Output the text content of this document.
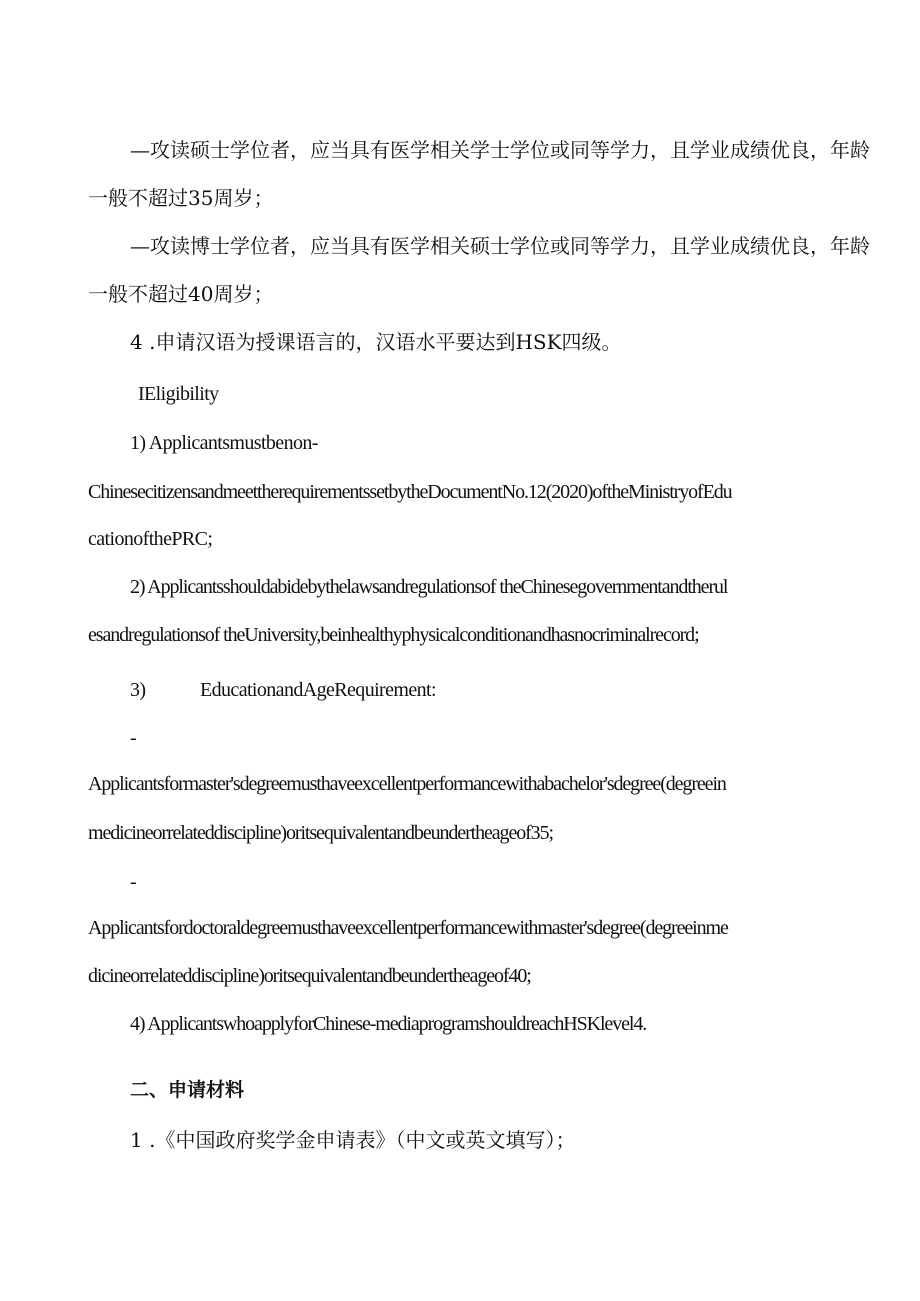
—攻读硕士学位者，应当具有医学相关学士学位或同等学力，且学业成绩优良，年龄
一般不超过35周岁；
—攻读博士学位者，应当具有医学相关硕士学位或同等学力，且学业成绩优良，年龄
一般不超过40周岁；
4 .申请汉语为授课语言的，汉语水平要达到HSK四级。
IEligibility
1) Applicantsmustbenon-
ChinesecitizensandmeettherequirementssetbytheDocumentNo.12(2020)oftheMinistryofEdu
cationofthePRC;
2) Applicantsshouldabidebythelawsandregulationsof theChinesegovernmentandtherul
esandregulationsof theUniversity,beinhealthyphysicalconditionandhasnocriminalrecord;
3)	EducationandAgeRequirement:
-
Applicantsformaster'sdegreemusthaveexcellentperformancewithabachelor'sdegree(degreein
medicineorrelateddiscipline)oritsequivalentandbeundertheageof35;
-
Applicantsfordoctoraldegreemusthaveexcellentperformancewithmaster'sdegree(degreeinme
dicineorrelateddiscipline)oritsequivalentandbeundertheageof40;
4) ApplicantswhoapplyforChinese-mediaprogramshouldreachHSKlevel4.
二、申请材料
1 .《中国政府奖学金申请表》（中文或英文填写）；
